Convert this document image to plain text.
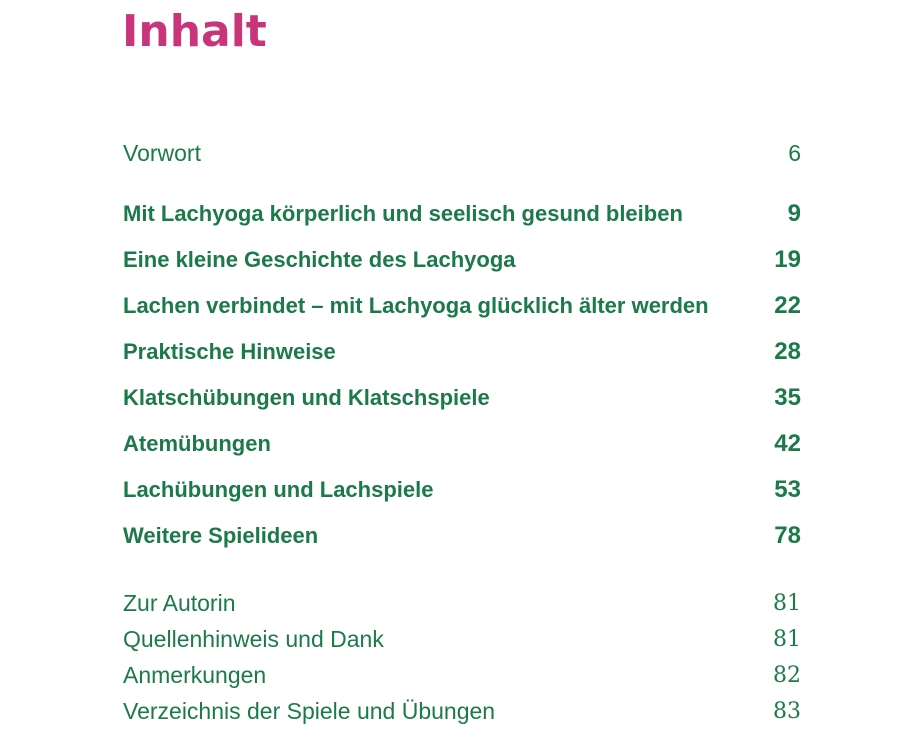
Inhalt
Vorwort	6
Mit Lachyoga körperlich und seelisch gesund bleiben	9
Eine kleine Geschichte des Lachyoga	19
Lachen verbindet – mit Lachyoga glücklich älter werden	22
Praktische Hinweise	28
Klatschübungen und Klatschspiele	35
Atemübungen	42
Lachübungen und Lachspiele	53
Weitere Spielideen	78
Zur Autorin	81
Quellenhinweis und Dank	81
Anmerkungen	82
Verzeichnis der Spiele und Übungen	83
